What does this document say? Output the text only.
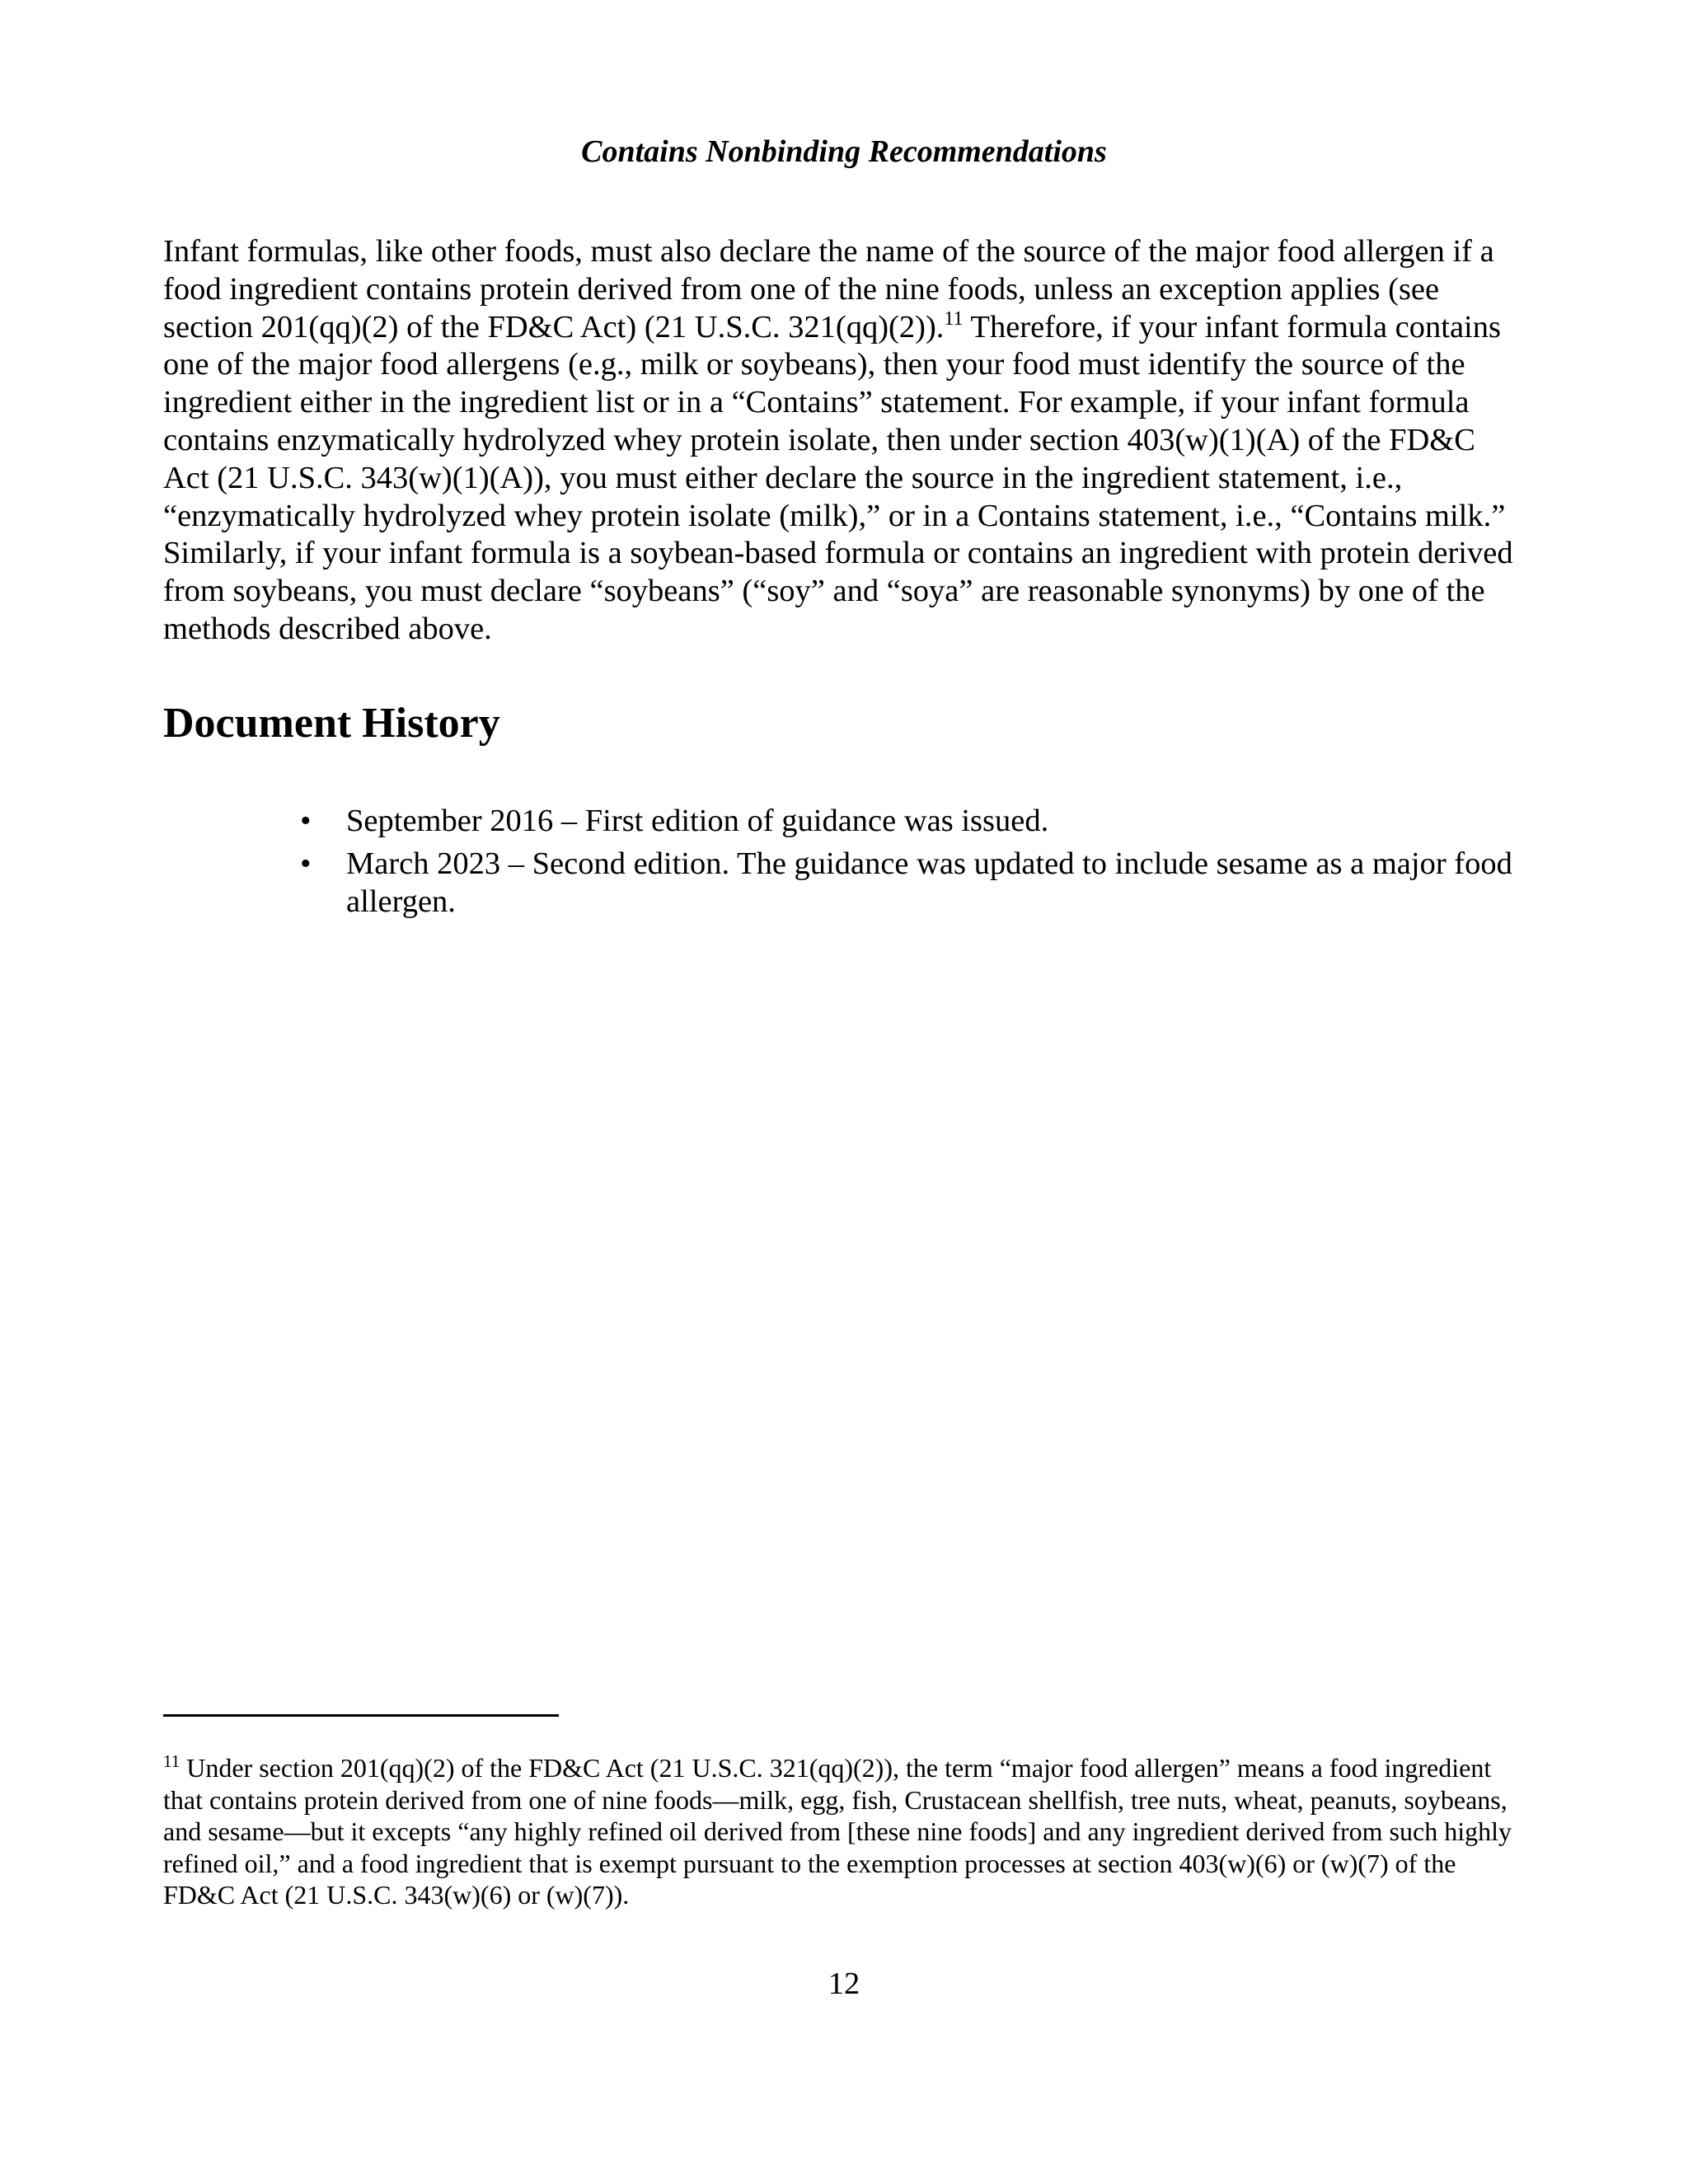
Contains Nonbinding Recommendations

Infant formulas, like other foods, must also declare the name of the source of the major food allergen if a food ingredient contains protein derived from one of the nine foods, unless an exception applies (see section 201(qq)(2) of the FD&C Act) (21 U.S.C. 321(qq)(2)).$^{11}$ Therefore, if your infant formula contains one of the major food allergens (e.g., milk or soybeans), then your food must identify the source of the ingredient either in the ingredient list or in a “Contains” statement. For example, if your infant formula contains enzymatically hydrolyzed whey protein isolate, then under section 403(w)(1)(A) of the FD&C Act (21 U.S.C. 343(w)(1)(A)), you must either declare the source in the ingredient statement, i.e., “enzymatically hydrolyzed whey protein isolate (milk),” or in a Contains statement, i.e., “Contains milk.” Similarly, if your infant formula is a soybean-based formula or contains an ingredient with protein derived from soybeans, you must declare “soybeans” (“soy” and “soya” are reasonable synonyms) by one of the methods described above.

Document History
• September 2016 – First edition of guidance was issued.
• March 2023 – Second edition. The guidance was updated to include sesame as a major food allergen.

$^{11}$ Under section 201(qq)(2) of the FD&C Act (21 U.S.C. 321(qq)(2)), the term “major food allergen” means a food ingredient that contains protein derived from one of nine foods—milk, egg, fish, Crustacean shellfish, tree nuts, wheat, peanuts, soybeans, and sesame—but it excepts “any highly refined oil derived from [these nine foods] and any ingredient derived from such highly refined oil,” and a food ingredient that is exempt pursuant to the exemption processes at section 403(w)(6) or (w)(7) of the FD&C Act (21 U.S.C. 343(w)(6) or (w)(7)).

12
